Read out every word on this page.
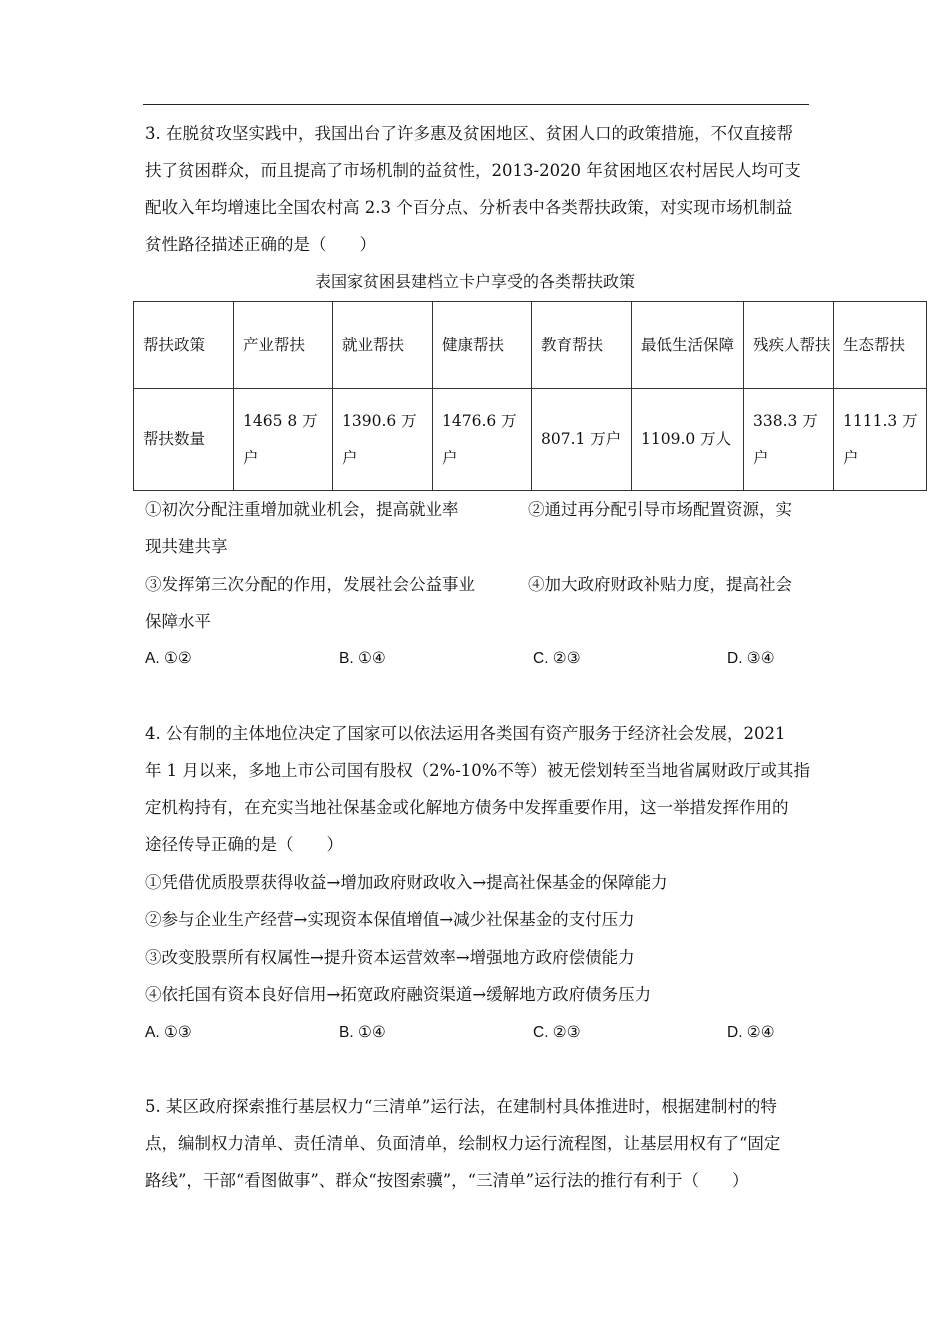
3. 在脱贫攻坚实践中，我国出台了许多惠及贫困地区、贫困人口的政策措施，不仅直接帮
扶了贫困群众，而且提高了市场机制的益贫性，2013-2020 年贫困地区农村居民人均可支
配收入年均增速比全国农村高 2.3 个百分点、分析表中各类帮扶政策，对实现市场机制益
贫性路径描述正确的是（　　）
表国家贫困县建档立卡户享受的各类帮扶政策
帮扶政策	产业帮扶	就业帮扶	健康帮扶	教育帮扶	最低生活保障	残疾人帮扶	生态帮扶
帮扶数量	1465 8 万户	1390.6 万户	1476.6 万户	807.1 万户	1109.0 万人	338.3 万户	1111.3 万户
①初次分配注重增加就业机会，提高就业率	②通过再分配引导市场配置资源，实
现共建共享
③发挥第三次分配的作用，发展社会公益事业	④加大政府财政补贴力度，提高社会
保障水平
A. ①②	B. ①④	C. ②③	D. ③④
4. 公有制的主体地位决定了国家可以依法运用各类国有资产服务于经济社会发展，2021
年 1 月以来，多地上市公司国有股权（2%-10%不等）被无偿划转至当地省属财政厅或其指
定机构持有，在充实当地社保基金或化解地方债务中发挥重要作用，这一举措发挥作用的
途径传导正确的是（　　）
①凭借优质股票获得收益→增加政府财政收入→提高社保基金的保障能力
②参与企业生产经营→实现资本保值增值→减少社保基金的支付压力
③改变股票所有权属性→提升资本运营效率→增强地方政府偿债能力
④依托国有资本良好信用→拓宽政府融资渠道→缓解地方政府债务压力
A. ①③	B. ①④	C. ②③	D. ②④
5. 某区政府探索推行基层权力“三清单”运行法，在建制村具体推进时，根据建制村的特
点，编制权力清单、责任清单、负面清单，绘制权力运行流程图，让基层用权有了“固定
路线”，干部“看图做事”、群众“按图索骥”，“三清单”运行法的推行有利于（　　）
